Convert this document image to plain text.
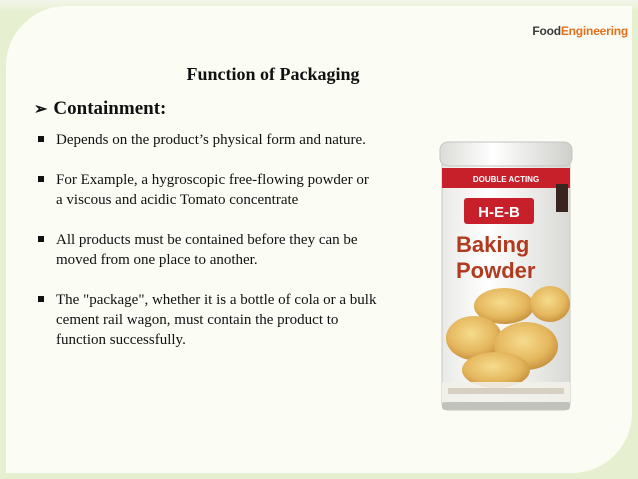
FoodEngineering
Function of Packaging
➢ Containment:
Depends on the product’s physical form and nature.
For Example, a hygroscopic free-flowing powder or a viscous and acidic Tomato concentrate
All products must be contained before they can be moved from one place to another.
The "package", whether it is a bottle of cola or a bulk cement rail wagon, must contain the product to function successfully.
DOUBLE ACTING
H-E-B
Baking
Powder
